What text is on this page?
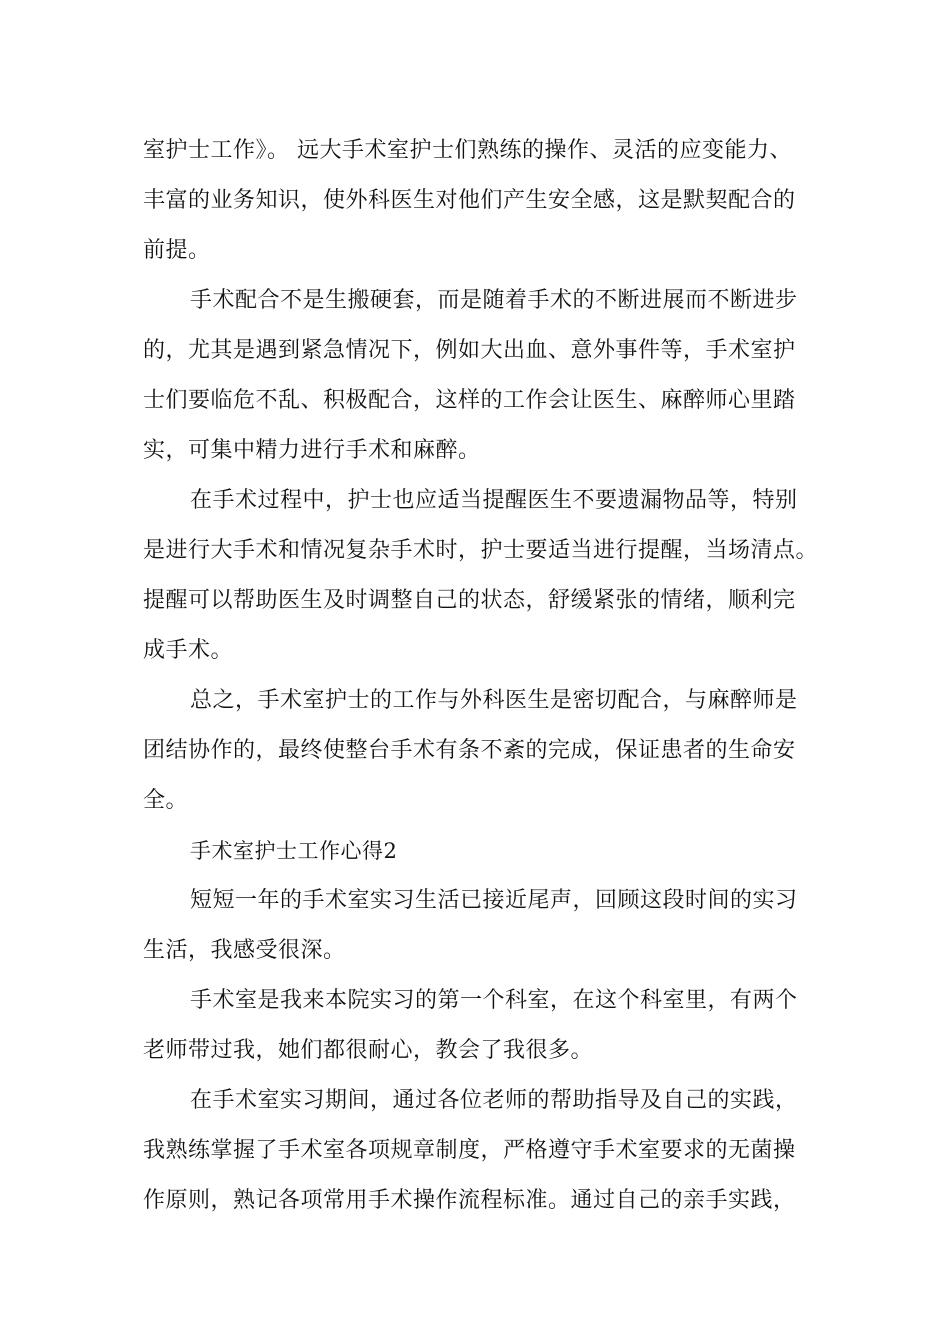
室护士工作》。 远大手术室护士们熟练的操作、灵活的应变能力、
丰富的业务知识，使外科医生对他们产生安全感，这是默契配合的
前提。
手术配合不是生搬硬套，而是随着手术的不断进展而不断进步
的，尤其是遇到紧急情况下，例如大出血、意外事件等，手术室护
士们要临危不乱、积极配合，这样的工作会让医生、麻醉师心里踏
实，可集中精力进行手术和麻醉。
在手术过程中，护士也应适当提醒医生不要遗漏物品等，特别
是进行大手术和情况复杂手术时，护士要适当进行提醒，当场清点。
提醒可以帮助医生及时调整自己的状态，舒缓紧张的情绪，顺利完
成手术。
总之，手术室护士的工作与外科医生是密切配合，与麻醉师是
团结协作的，最终使整台手术有条不紊的完成，保证患者的生命安
全。
手术室护士工作心得2
短短一年的手术室实习生活已接近尾声，回顾这段时间的实习
生活，我感受很深。
手术室是我来本院实习的第一个科室，在这个科室里，有两个
老师带过我，她们都很耐心，教会了我很多。
在手术室实习期间，通过各位老师的帮助指导及自己的实践，
我熟练掌握了手术室各项规章制度，严格遵守手术室要求的无菌操
作原则，熟记各项常用手术操作流程标准。通过自己的亲手实践，
